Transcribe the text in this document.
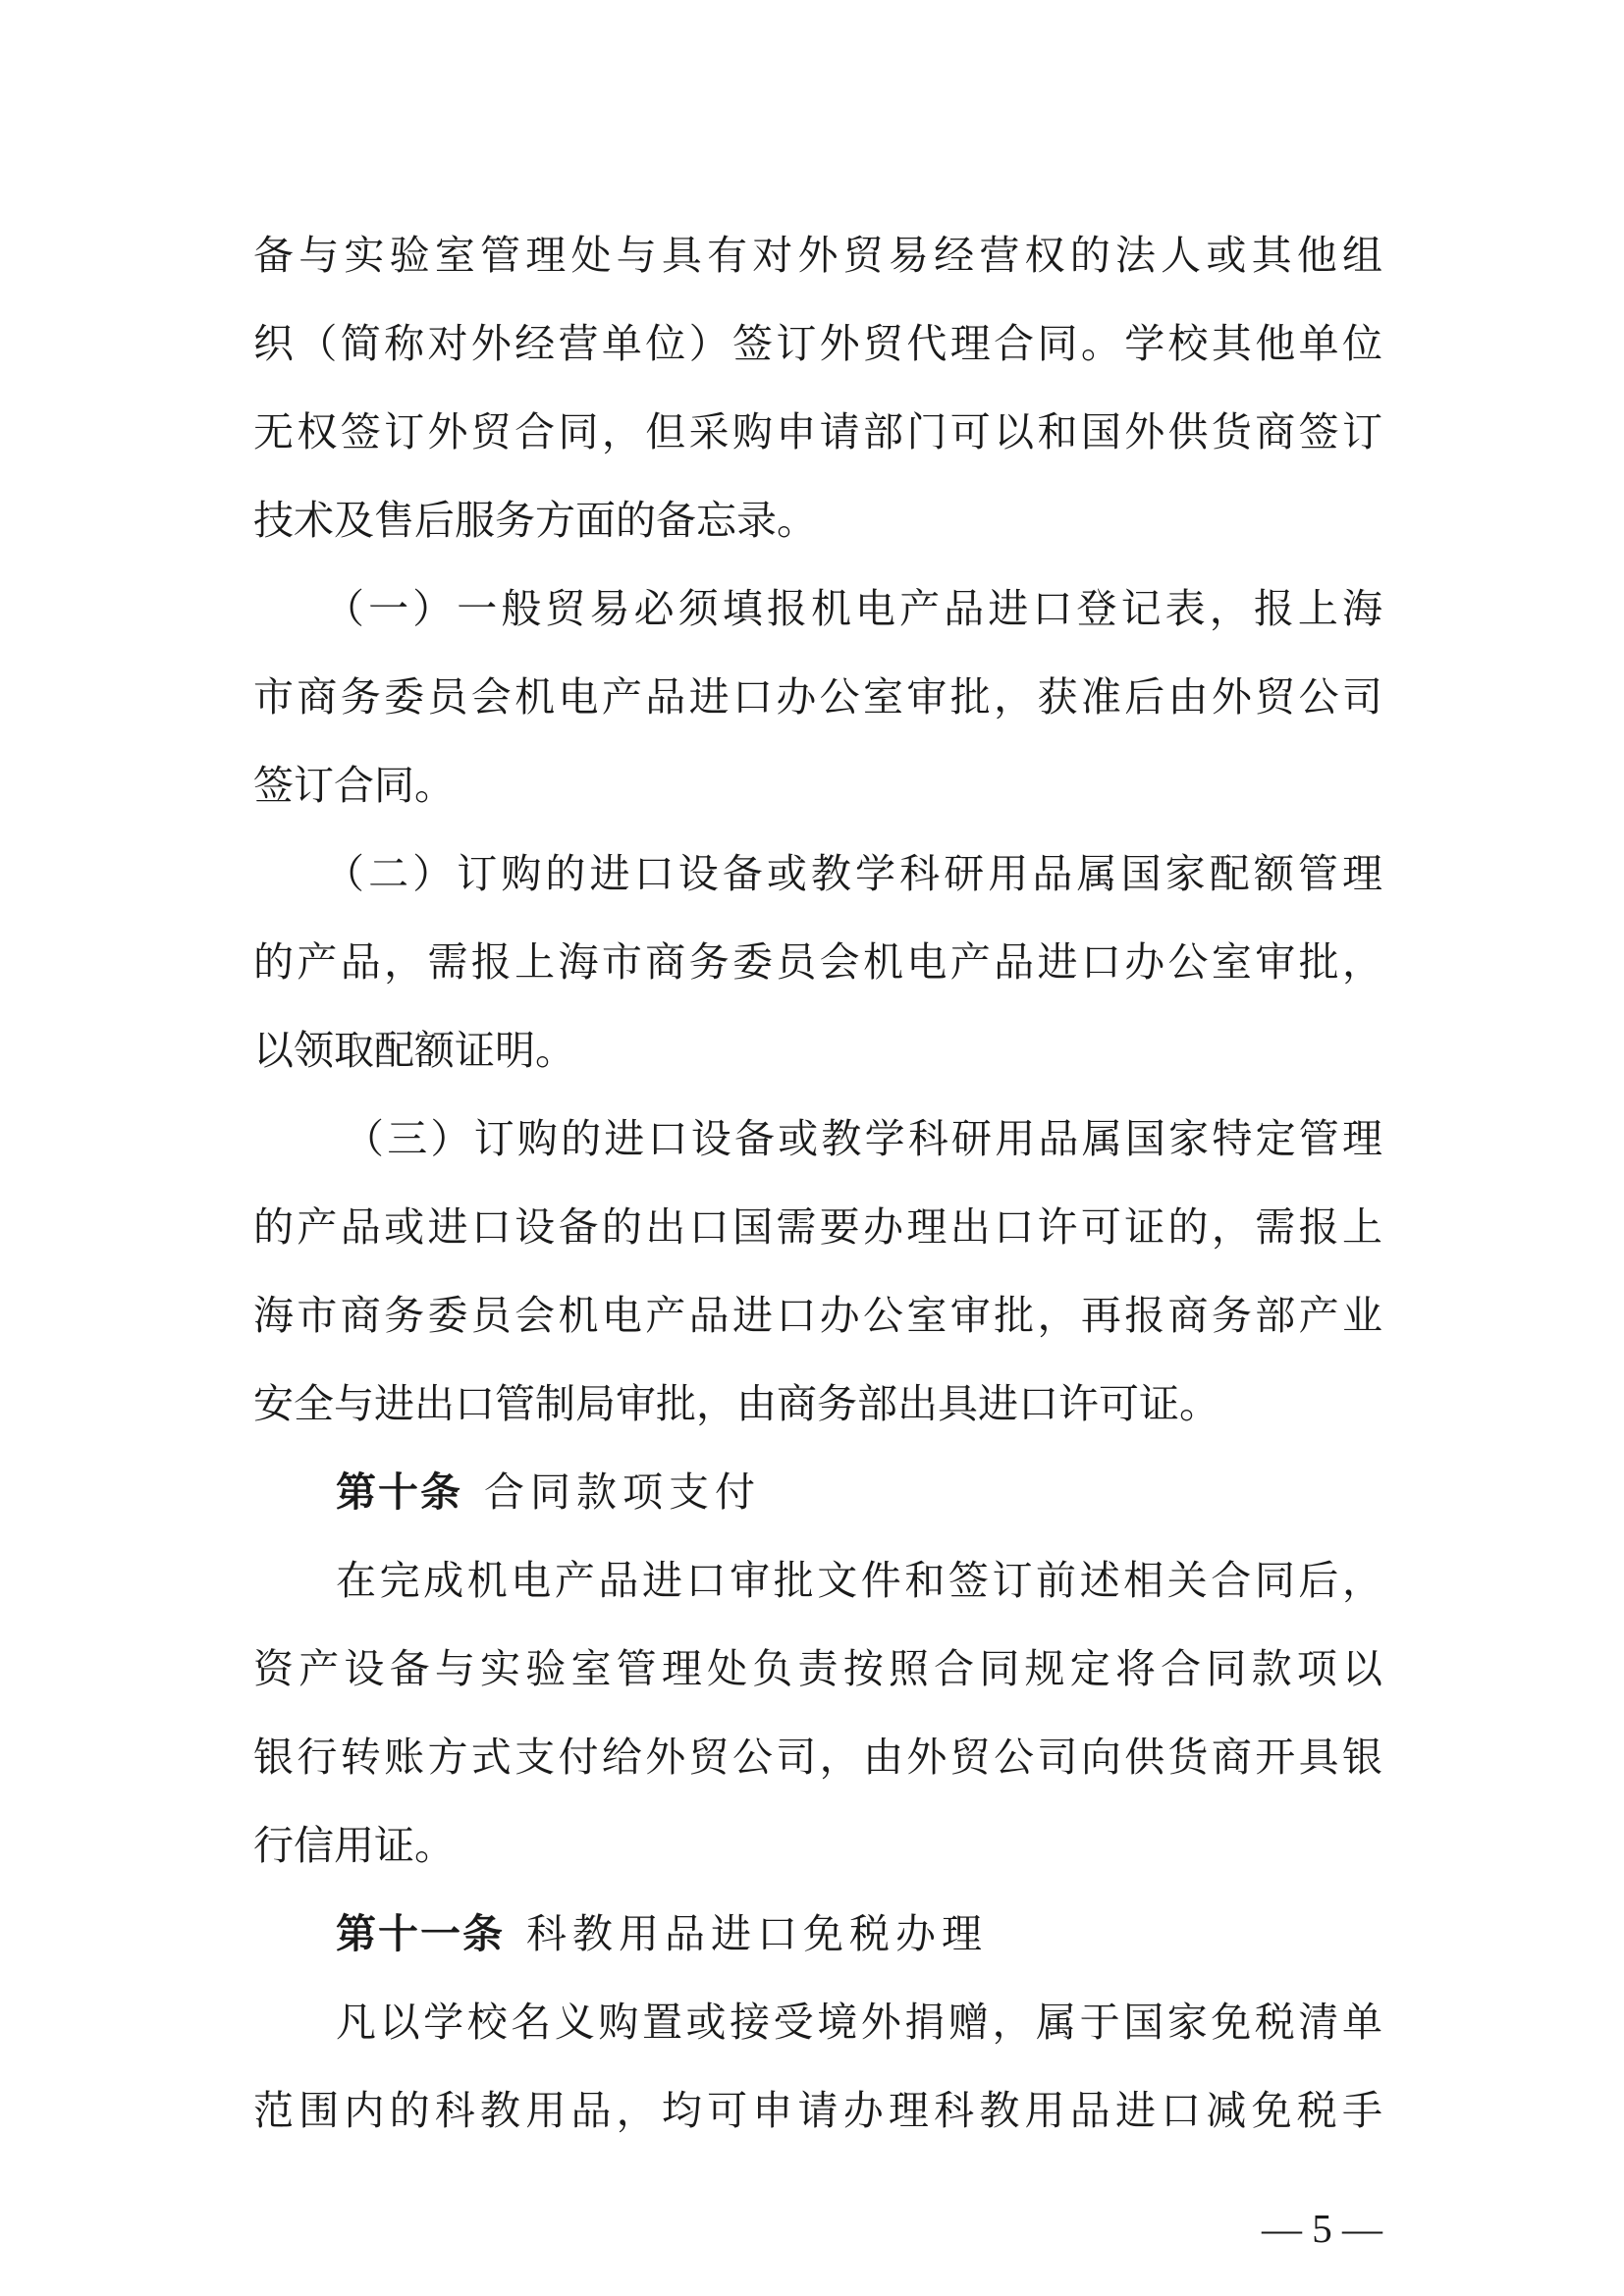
备与实验室管理处与具有对外贸易经营权的法人或其他组
织（简称对外经营单位）签订外贸代理合同。学校其他单位
无权签订外贸合同，但采购申请部门可以和国外供货商签订
技术及售后服务方面的备忘录。
（一）一般贸易必须填报机电产品进口登记表，报上海
市商务委员会机电产品进口办公室审批，获准后由外贸公司
签订合同。
（二）订购的进口设备或教学科研用品属国家配额管理
的产品，需报上海市商务委员会机电产品进口办公室审批，
以领取配额证明。
（三）订购的进口设备或教学科研用品属国家特定管理
的产品或进口设备的出口国需要办理出口许可证的，需报上
海市商务委员会机电产品进口办公室审批，再报商务部产业
安全与进出口管制局审批，由商务部出具进口许可证。
第十条 合同款项支付
在完成机电产品进口审批文件和签订前述相关合同后，
资产设备与实验室管理处负责按照合同规定将合同款项以
银行转账方式支付给外贸公司，由外贸公司向供货商开具银
行信用证。
第十一条 科教用品进口免税办理
凡以学校名义购置或接受境外捐赠，属于国家免税清单
范围内的科教用品，均可申请办理科教用品进口减免税手
— 5 —
